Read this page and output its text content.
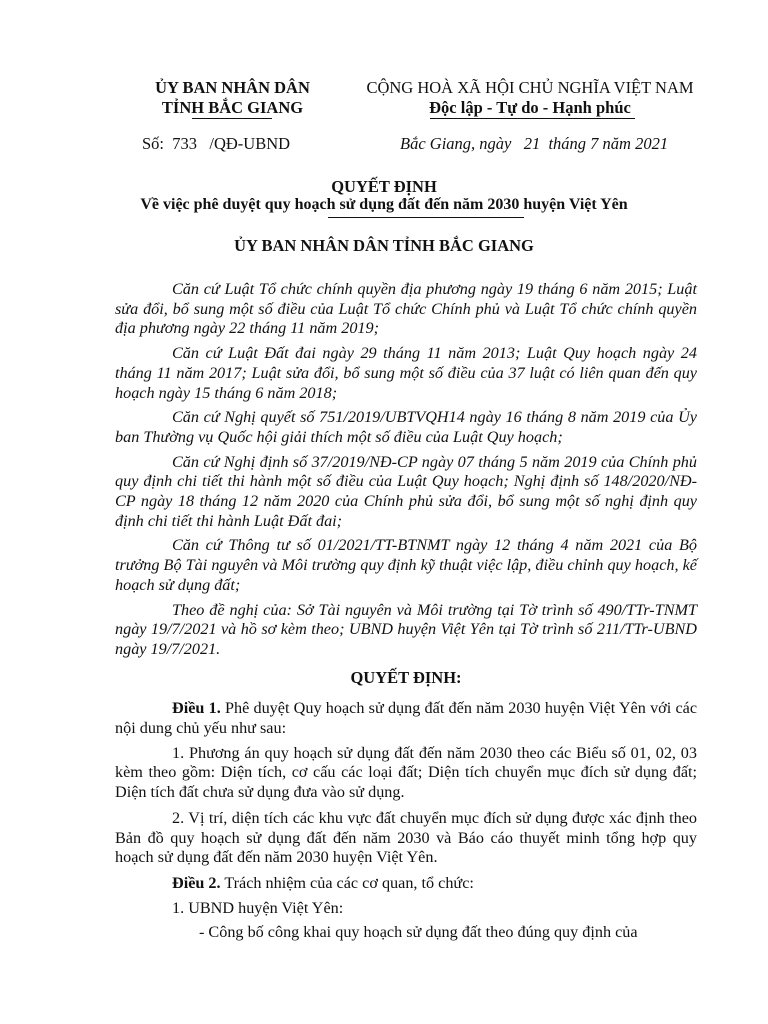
ỦY BAN NHÂN DÂN
TỈNH BẮC GIANG
CỘNG HOÀ XÃ HỘI CHỦ NGHĨA VIỆT NAM
Độc lập - Tự do - Hạnh phúc
Số:  733   /QĐ-UBND	Bắc Giang, ngày   21  tháng 7 năm 2021
QUYẾT ĐỊNH
Về việc phê duyệt quy hoạch sử dụng đất đến năm 2030 huyện Việt Yên
ỦY BAN NHÂN DÂN TỈNH BẮC GIANG

Căn cứ Luật Tổ chức chính quyền địa phương ngày 19 tháng 6 năm 2015; Luật sửa đổi, bổ sung một số điều của Luật Tổ chức Chính phủ và Luật Tổ chức chính quyền địa phương ngày 22 tháng 11 năm 2019;

Căn cứ Luật Đất đai ngày 29 tháng 11 năm 2013; Luật Quy hoạch ngày 24 tháng 11 năm 2017; Luật sửa đổi, bổ sung một số điều của 37 luật có liên quan đến quy hoạch ngày 15 tháng 6 năm 2018;

Căn cứ Nghị quyết số 751/2019/UBTVQH14 ngày 16 tháng 8 năm 2019 của Ủy ban Thường vụ Quốc hội giải thích một số điều của Luật Quy hoạch;

Căn cứ Nghị định số 37/2019/NĐ-CP ngày 07 tháng 5 năm 2019 của Chính phủ quy định chi tiết thi hành một số điều của Luật Quy hoạch; Nghị định số 148/2020/NĐ-CP ngày 18 tháng 12 năm 2020 của Chính phủ sửa đổi, bổ sung một số nghị định quy định chi tiết thi hành Luật Đất đai;

Căn cứ Thông tư số 01/2021/TT-BTNMT ngày 12 tháng 4 năm 2021 của Bộ trưởng Bộ Tài nguyên và Môi trường quy định kỹ thuật việc lập, điều chỉnh quy hoạch, kế hoạch sử dụng đất;

Theo đề nghị của: Sở Tài nguyên và Môi trường tại Tờ trình số 490/TTr-TNMT ngày 19/7/2021 và hồ sơ kèm theo; UBND huyện Việt Yên tại Tờ trình số 211/TTr-UBND ngày 19/7/2021.

QUYẾT ĐỊNH:

Điều 1. Phê duyệt Quy hoạch sử dụng đất đến năm 2030 huyện Việt Yên với các nội dung chủ yếu như sau:

1. Phương án quy hoạch sử dụng đất đến năm 2030 theo các Biểu số 01, 02, 03 kèm theo gồm: Diện tích, cơ cấu các loại đất; Diện tích chuyển mục đích sử dụng đất; Diện tích đất chưa sử dụng đưa vào sử dụng.

2. Vị trí, diện tích các khu vực đất chuyển mục đích sử dụng được xác định theo Bản đồ quy hoạch sử dụng đất đến năm 2030 và Báo cáo thuyết minh tổng hợp quy hoạch sử dụng đất đến năm 2030 huyện Việt Yên.

Điều 2. Trách nhiệm của các cơ quan, tổ chức:

1. UBND huyện Việt Yên:

- Công bố công khai quy hoạch sử dụng đất theo đúng quy định của
